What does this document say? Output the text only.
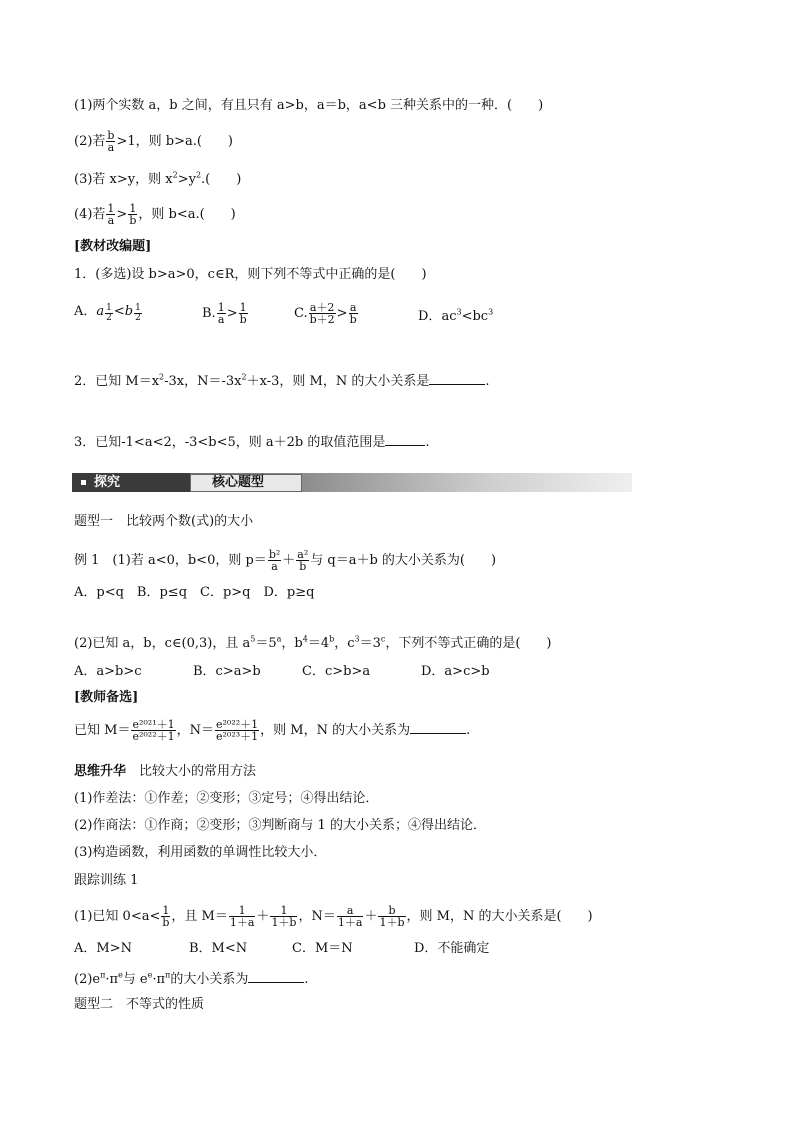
(1)两个实数 a，b 之间，有且只有 a>b，a＝b，a<b 三种关系中的一种．(　　)
(2)若 $\frac{b}{a} >1$，则 b>a.(　　)
(3)若 x>y，则 $x^2>y^2$.(　　)
(4)若 $\frac{1}{a} > \frac{1}{b}$ ，则 b<a.(　　)
[教材改编题]
1．(多选)设 b>a>0，c∈R，则下列不等式中正确的是(　　)
A．a $\frac{1}{2} <b \frac{1}{2}$	B. $\frac{1}{a} > \frac{1}{b}$	C. $\frac{a+2}{b+2} > \frac{a}{b}$	D．$ac^3<bc^3$
2．已知 $M=x^2-3x$，$N=-3x^2+x-3$，则 M，N 的大小关系是	.
3．已知-1<a<2，-3<b<5，则 a＋2b 的取值范围是	.
探究	核心题型
题型一　比较两个数(式)的大小
例 1　(1)若 a<0，b<0，则 $p= \frac{\text{b²}}{a} + \frac{\text{a²}}{b}$ 与 q＝a＋b 的大小关系为(　　)
A．p<q　B．p≤q　C．p>q　D．p≥q
(2)已知 a，b，c∈(0,3)，且 $a^5=5^a$，$b^4=4^b$，$c^3=3^c$，下列不等式正确的是(　　)
A．a>b>c	B．c>a>b	C．c>b>a	D．a>c>b
[教师备选]
已知 $M= \frac{\text{e²⁰²¹＋1}}{\text{e²⁰²²＋1}}$ ，$N= \frac{\text{e²⁰²²＋1}}{\text{e²⁰²³＋1}}$ ，则 M，N 的大小关系为	.
思维升华　 比较大小的常用方法
(1)作差法：①作差；②变形；③定号；④得出结论．
(2)作商法：①作商；②变形；③判断商与 1 的大小关系；④得出结论．
(3)构造函数，利用函数的单调性比较大小．
跟踪训练 1
(1)已知 $0<a< \frac{1}{b}$ ，且 $M= \frac{1}{1+a} + \frac{1}{1+b}$ ，$N= \frac{a}{1+a} + \frac{b}{1+b}$ ，则 M，N 的大小关系是(　　)
A．M>N	B．M<N	C．M＝N	D．不能确定
$(2)e^\pi\cdot\pi^e$与 $e^e\cdot\pi^\pi$的大小关系为	.
题型二　不等式的性质
